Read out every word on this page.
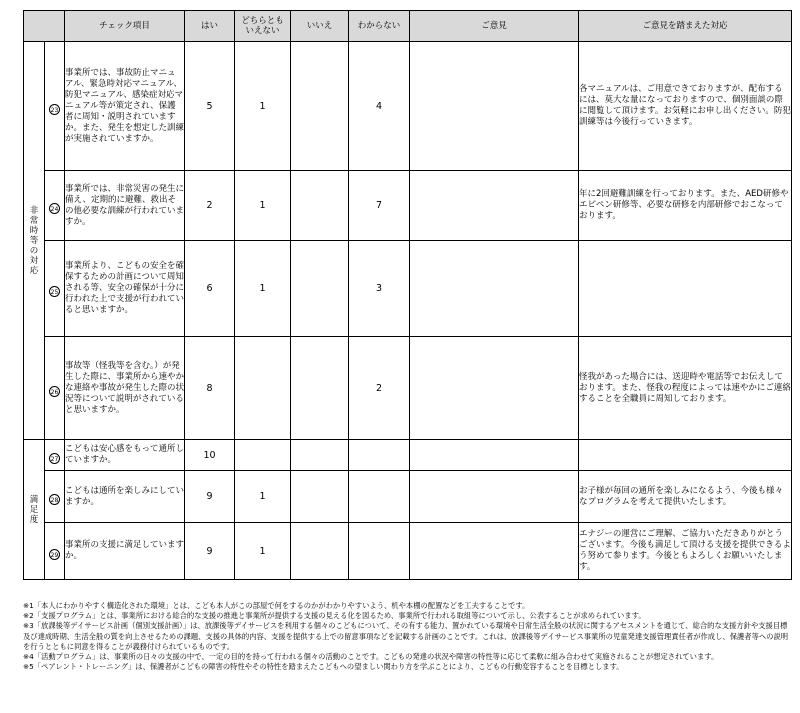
		チェック項目	はい	どちらとも
いえない	いいえ	わからない	ご意見	ご意見を踏まえた対応

非常時等の対応	23	事業所では、事故防止マニュアル、緊急時対応マニュアル、防犯マニュアル、感染症対応マニュアル等が策定され、保護者に周知・説明されていますか。また、発生を想定した訓練が実施されていますか。	5	1		4		各マニュアルは、ご用意できておりますが、配布するには、莫大な量になっておりますので、個別面談の際に閲覧して頂けます。お気軽にお申し出ください。防犯訓練等は今後行っていきます。
	24	事業所では、非常災害の発生に備え、定期的に避難、救出その他必要な訓練が行われていますか。	2	1		7		年に2回避難訓練を行っております。また、AED研修やエピペン研修等、必要な研修を内部研修でおこなっております。
	25	事業所より、こどもの安全を確保するための計画について周知される等、安全の確保が十分に行われた上で支援が行われていると思いますか。	6	1		3		
	26	事故等（怪我等を含む。）が発生した際に、事業所から速やかな連絡や事故が発生した際の状況等について説明がされていると思いますか。	8			2		怪我があった場合には、送迎時や電話等でお伝えしております。また、怪我の程度によっては速やかにご連絡することを全職員に周知しております。

満足度	27	こどもは安心感をもって通所していますか。	10					
	28	こどもは通所を楽しみにしていますか。	9	1				お子様が毎回の通所を楽しみになるよう、今後も様々なプログラムを考えて提供いたします。
	29	事業所の支援に満足していますか。	9	1				エナジーの運営にご理解、ご協力いただきありがとうございます。今後も満足して頂ける支援を提供できるよう努めて参ります。今後ともよろしくお願いいたします。
※1「本人にわかりやすく構造化された環境」とは、こども本人がこの部屋で何をするのかがわかりやすいよう、机や本棚の配置などを工夫することです。
※2「支援プログラム」とは、事業所における総合的な支援の推進と事業所が提供する支援の見える化を図るため、事業所で行われる取組等について示し、公表することが求められています。
※3「放課後等デイサービス計画（個別支援計画）」は、放課後等デイサービスを利用する個々のこどもについて、その有する能力、置かれている環境や日常生活全般の状況に関するアセスメントを通じて、総合的な支援方針や支援目標及び達成時期、生活全般の質を向上させるための課題、支援の具体的内容、支援を提供する上での留意事項などを記載する計画のことです。これは、放課後等デイサービス事業所の児童発達支援管理責任者が作成し、保護者等への説明を行うとともに同意を得ることが義務付けられているものです。
※4「活動プログラム」は、事業所の日々の支援の中で、一定の目的を持って行われる個々の活動のことです。こどもの発達の状況や障害の特性等に応じて柔軟に組み合わせて実施されることが想定されています。
※5「ペアレント・トレーニング」は、保護者がこどもの障害の特性やその特性を踏まえたこどもへの望ましい関わり方を学ぶことにより、こどもの行動変容することを目標とします。
